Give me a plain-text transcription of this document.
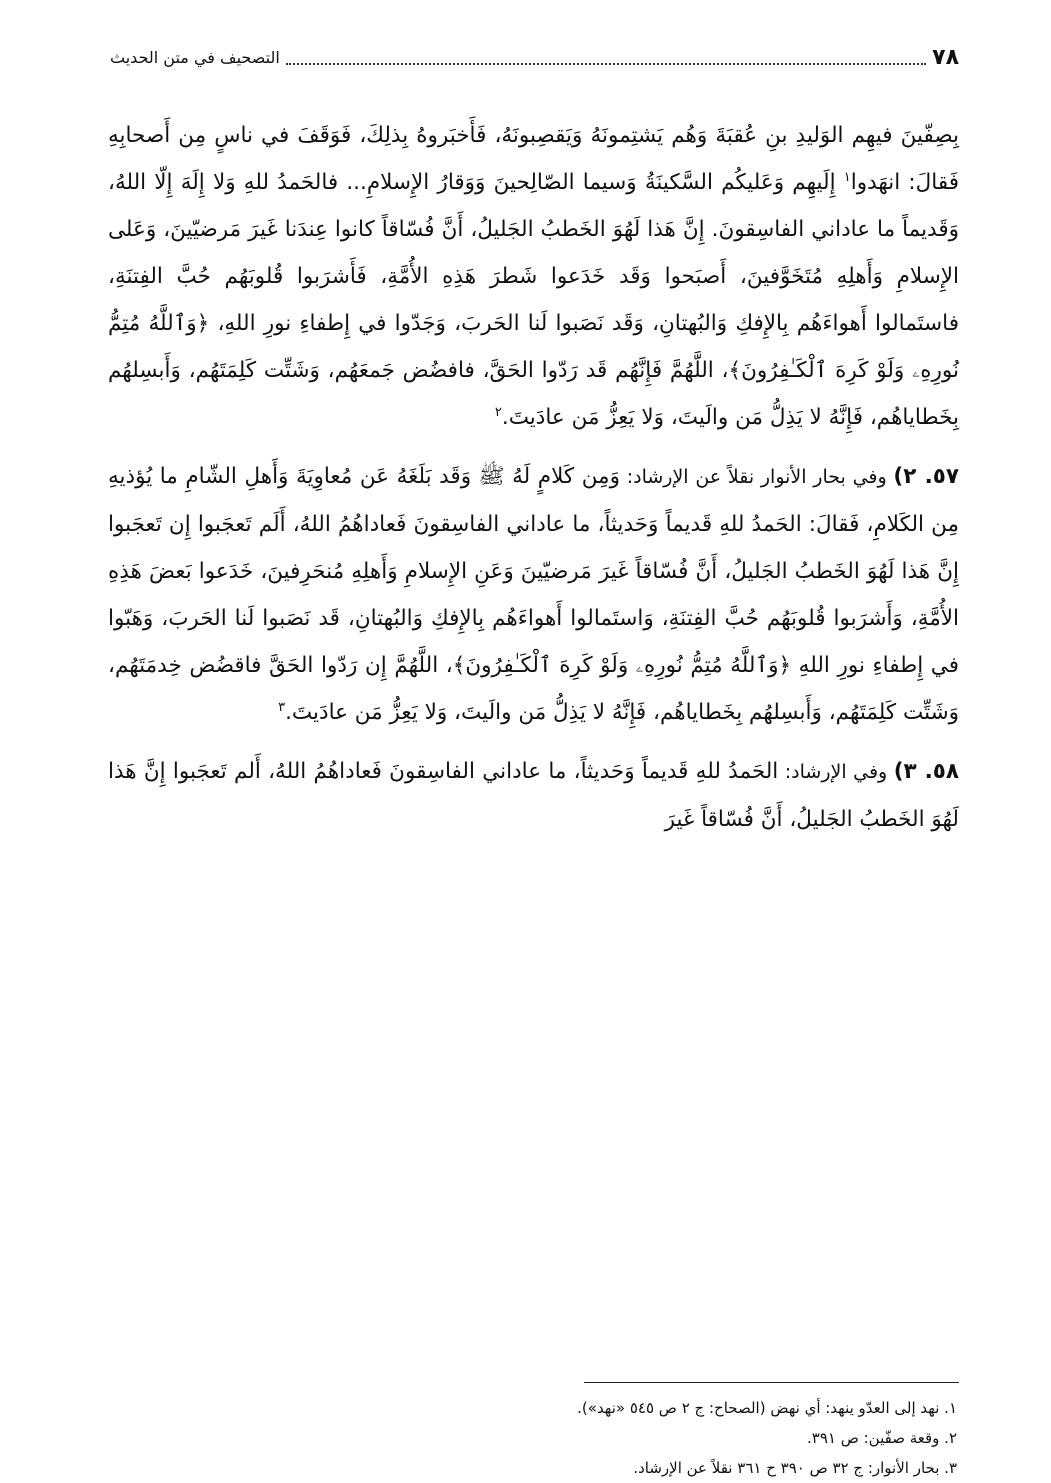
٧٨
التصحيف في متن الحديث

بِصِفّينَ فيهِم الوَليدِ بنِ عُقبَةَ وَهُم يَشتِمونَهُ وَيَقصِبونَهُ، فَأَخبَروهُ بِذلِكَ، فَوَقَفَ في ناسٍ مِن أَصحابِهِ فَقالَ: انهَدوا$^١$ إِلَيهِم وَعَليكُم السَّكينَةُ وَسيما الصّالِحينَ وَوَقارُ الإِسلامِ... فالحَمدُ للهِ وَلا إِلَهَ إِلّا اللهُ، وَقَديماً ما عاداني الفاسِقونَ. إِنَّ هَذا لَهُوَ الخَطبُ الجَليلُ، أَنَّ فُسّاقاً كانوا عِندَنا غَيرَ مَرضيّينَ، وَعَلى الإِسلامِ وَأَهلِهِ مُتَخَوَّفينَ، أَصبَحوا وَقَد خَدَعوا شَطرَ هَذِهِ الأُمَّةِ، فَأَشرَبوا قُلوبَهُم حُبَّ الفِتنَةِ، فاستَمالوا أَهواءَهُم بِالإِفكِ وَالبُهتانِ، وَقَد نَصَبوا لَنا الحَربَ، وَجَدّوا في إِطفاءِ نورِ اللهِ، ﴿وَٱللَّهُ مُتِمُّ نُورِهِۦ وَلَوْ كَرِهَ ٱلْكَـٰفِرُونَ﴾، اللَّهُمَّ فَإِنَّهُم قَد رَدّوا الحَقَّ، فافضُض جَمعَهُم، وَشَتِّت كَلِمَتَهُم، وَأَبسِلهُم بِخَطاياهُم، فَإِنَّهُ لا يَذِلُّ مَن والَيتَ، وَلا يَعِزُّ مَن عادَيتَ.$^٢$

٥٧. ٢) وفي بحار الأنوار نقلاً عن الإرشاد: وَمِن كَلامٍ لَهُ ﷺ وَقَد بَلَغَهُ عَن مُعاوِيَةَ وَأَهلِ الشّامِ ما يُؤذيهِ مِن الكَلامِ، فَقالَ: الحَمدُ للهِ قَديماً وَحَديثاً، ما عاداني الفاسِقونَ فَعاداهُمُ اللهُ، أَلَم تَعجَبوا إِن تَعجَبوا إِنَّ هَذا لَهُوَ الخَطبُ الجَليلُ، أَنَّ فُسّاقاً غَيرَ مَرضيّينَ وَعَنِ الإِسلامِ وَأَهلِهِ مُنحَرِفينَ، خَدَعوا بَعضَ هَذِهِ الأُمَّةِ، وَأَشرَبوا قُلوبَهُم حُبَّ الفِتنَةِ، وَاستَمالوا أَهواءَهُم بِالإِفكِ وَالبُهتانِ، قَد نَصَبوا لَنا الحَربَ، وَهَبّوا في إِطفاءِ نورِ اللهِ ﴿وَٱللَّهُ مُتِمُّ نُورِهِۦ وَلَوْ كَرِهَ ٱلْكَـٰفِرُونَ﴾، اللَّهُمَّ إِن رَدّوا الحَقَّ فاقضُض خِدمَتَهُم، وَشَتِّت كَلِمَتَهُم، وَأَبسِلهُم بِخَطاياهُم، فَإِنَّهُ لا يَذِلُّ مَن والَيتَ، وَلا يَعِزُّ مَن عادَيتَ.$^٣$

٥٨. ٣) وفي الإرشاد: الحَمدُ للهِ قَديماً وَحَديثاً، ما عاداني الفاسِقونَ فَعاداهُمُ اللهُ، أَلم تَعجَبوا إِنَّ هَذا لَهُوَ الخَطبُ الجَليلُ، أَنَّ فُسّاقاً غَيرَ

١. نهد إلى العدّو ينهد: أي نهض (الصحاح: ج ٢ ص ٥٤٥ «نهد»).

٢. وقعة صفّين: ص ٣٩١.

٣. بحار الأنوار: ج ٣٢ ص ٣٩٠ ح ٣٦١ نقلاً عن الإرشاد.
